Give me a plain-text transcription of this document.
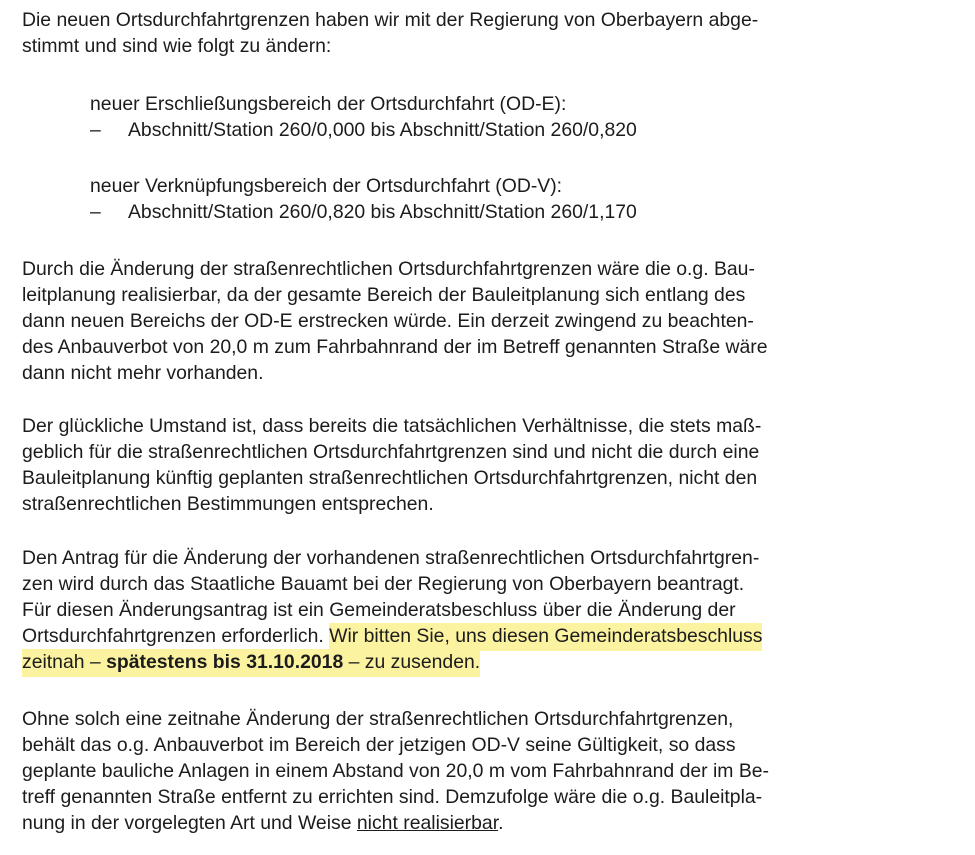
Die neuen Ortsdurchfahrtgrenzen haben wir mit der Regierung von Oberbayern abge-
stimmt und sind wie folgt zu ändern:
neuer Erschließungsbereich der Ortsdurchfahrt (OD-E):
– Abschnitt/Station 260/0,000 bis Abschnitt/Station 260/0,820
neuer Verknüpfungsbereich der Ortsdurchfahrt (OD-V):
– Abschnitt/Station 260/0,820 bis Abschnitt/Station 260/1,170
Durch die Änderung der straßenrechtlichen Ortsdurchfahrtgrenzen wäre die o.g. Bau-
leitplanung realisierbar, da der gesamte Bereich der Bauleitplanung sich entlang des
dann neuen Bereichs der OD-E erstrecken würde. Ein derzeit zwingend zu beachten-
des Anbauverbot von 20,0 m zum Fahrbahnrand der im Betreff genannten Straße wäre
dann nicht mehr vorhanden.
Der glückliche Umstand ist, dass bereits die tatsächlichen Verhältnisse, die stets maß-
geblich für die straßenrechtlichen Ortsdurchfahrtgrenzen sind und nicht die durch eine
Bauleitplanung künftig geplanten straßenrechtlichen Ortsdurchfahrtgrenzen, nicht den
straßenrechtlichen Bestimmungen entsprechen.
Den Antrag für die Änderung der vorhandenen straßenrechtlichen Ortsdurchfahrtgren-
zen wird durch das Staatliche Bauamt bei der Regierung von Oberbayern beantragt.
Für diesen Änderungsantrag ist ein Gemeinderatsbeschluss über die Änderung der
Ortsdurchfahrtgrenzen erforderlich. Wir bitten Sie, uns diesen Gemeinderatsbeschluss
zeitnah – spätestens bis 31.10.2018 – zu zusenden.
Ohne solch eine zeitnahe Änderung der straßenrechtlichen Ortsdurchfahrtgrenzen,
behält das o.g. Anbauverbot im Bereich der jetzigen OD-V seine Gültigkeit, so dass
geplante bauliche Anlagen in einem Abstand von 20,0 m vom Fahrbahnrand der im Be-
treff genannten Straße entfernt zu errichten sind. Demzufolge wäre die o.g. Bauleitpla-
nung in der vorgelegten Art und Weise nicht realisierbar.
